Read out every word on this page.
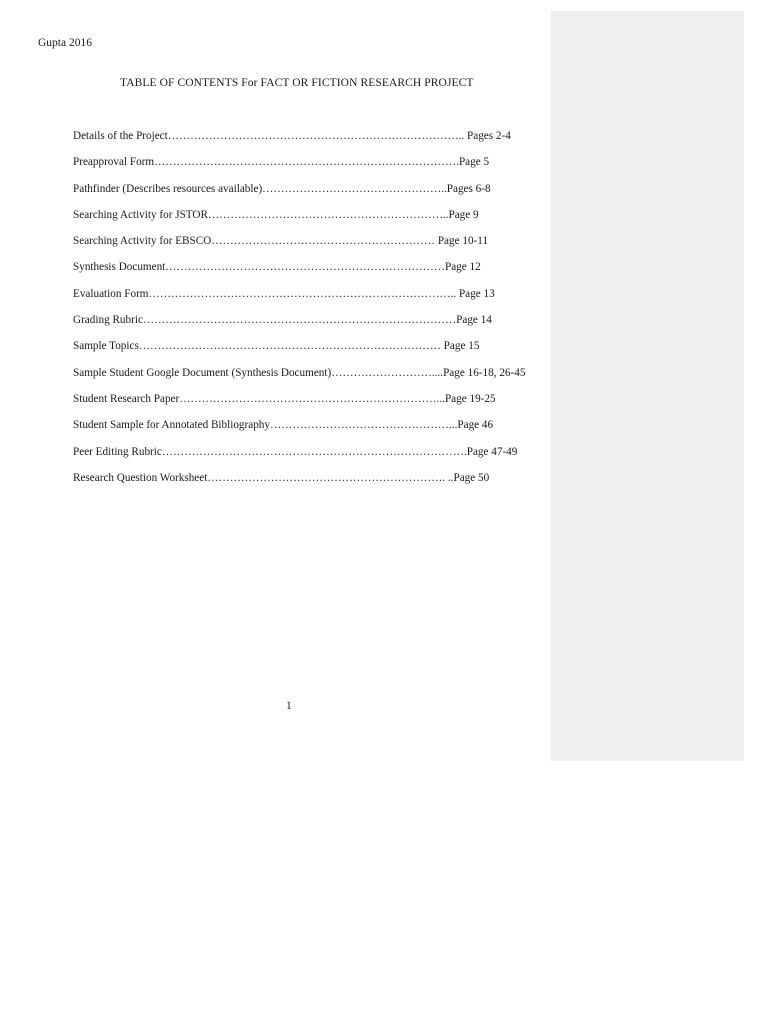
Gupta 2016
TABLE OF CONTENTS For FACT OR FICTION RESEARCH PROJECT
Details of the Project…………………………………………………………………….. Pages 2-4
Preapproval Form……………………………………………………………………….Page 5
Pathfinder (Describes resources available)…………………………………………..Pages 6-8
Searching Activity for JSTOR………………………………………………………..Page 9
Searching Activity for EBSCO…………………………………………………… Page 10-11
Synthesis Document…………………………………………………………………Page 12
Evaluation Form……………………………………………………………………….. Page 13
Grading Rubric…………………………………………………………………………Page 14
Sample Topics……………………………………………………………………… Page 15
Sample Student Google Document (Synthesis Document)………………………....Page 16-18, 26-45
Student Research Paper……………………………………………………………...Page 19-25
Student Sample for Annotated Bibliography…………………………………………...Page 46
Peer Editing Rubric……………………………………………………………………….Page 47-49
Research Question Worksheet………………………………………………………. ..Page 50
1
